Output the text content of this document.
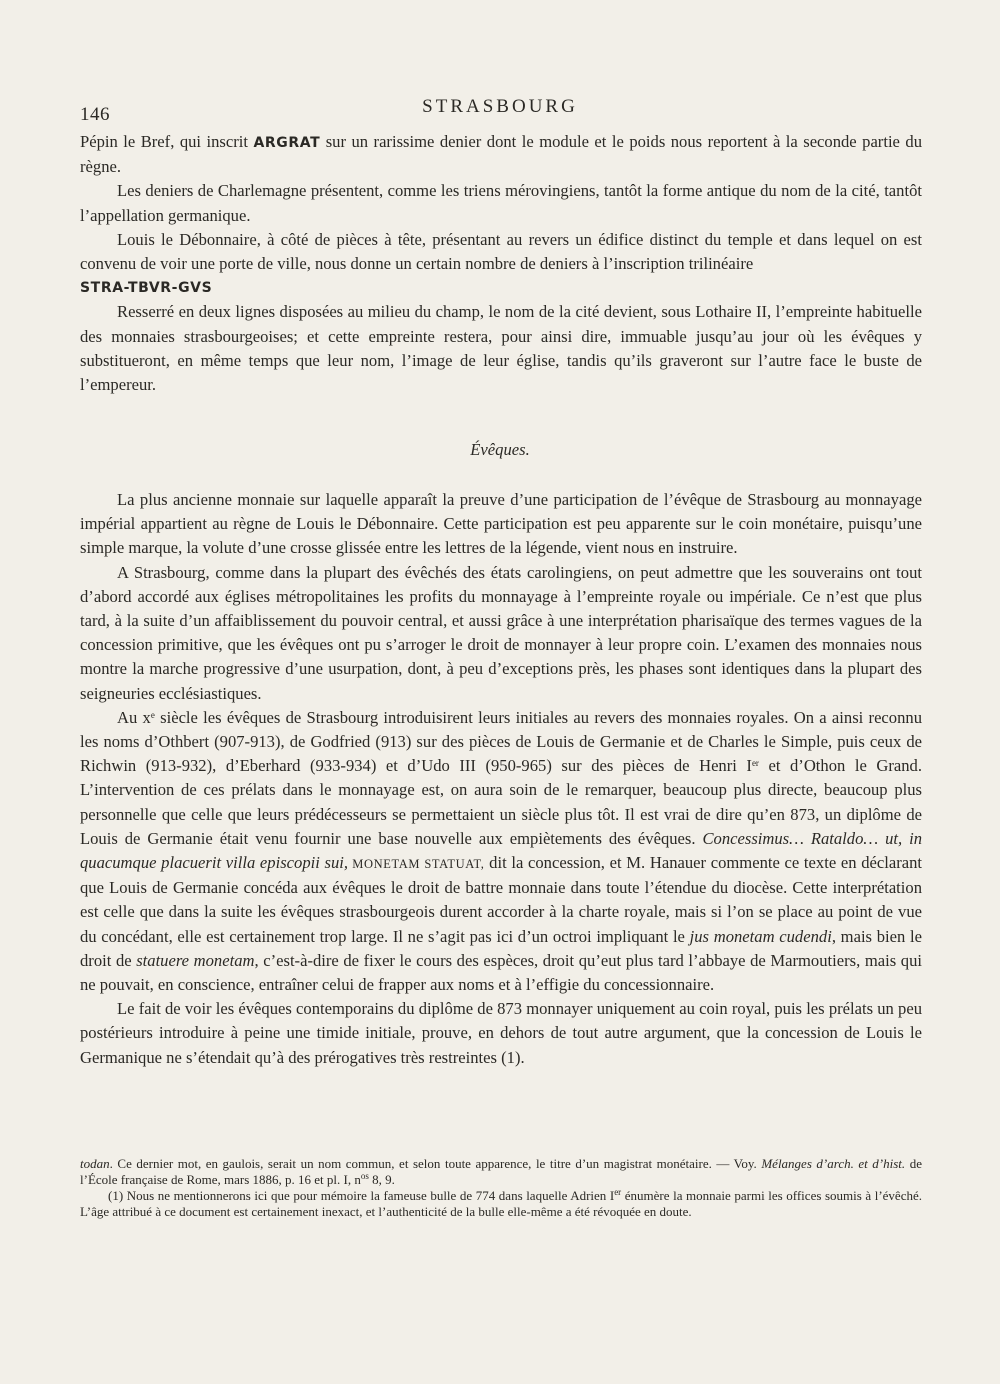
146	STRASBOURG

Pépin le Bref, qui inscrit ARGRAT sur un rarissime denier dont le module et le poids nous reportent à la seconde partie du règne.

Les deniers de Charlemagne présentent, comme les triens mérovingiens, tantôt la forme antique du nom de la cité, tantôt l’appellation germanique.

Louis le Débonnaire, à côté de pièces à tête, présentant au revers un édifice distinct du temple et dans lequel on est convenu de voir une porte de ville, nous donne un certain nombre de deniers à l’inscription trilinéaire

STRA-TBVR-GVS

Resserré en deux lignes disposées au milieu du champ, le nom de la cité devient, sous Lothaire II, l’empreinte habituelle des monnaies strasbourgeoises; et cette empreinte restera, pour ainsi dire, immuable jusqu’au jour où les évêques y substitueront, en même temps que leur nom, l’image de leur église, tandis qu’ils graveront sur l’autre face le buste de l’empereur.

Évêques.

La plus ancienne monnaie sur laquelle apparaît la preuve d’une participation de l’évêque de Strasbourg au monnayage impérial appartient au règne de Louis le Débonnaire. Cette participation est peu apparente sur le coin monétaire, puisqu’une simple marque, la volute d’une crosse glissée entre les lettres de la légende, vient nous en instruire.

A Strasbourg, comme dans la plupart des évêchés des états carolingiens, on peut admettre que les souverains ont tout d’abord accordé aux églises métropolitaines les profits du monnayage à l’empreinte royale ou impériale. Ce n’est que plus tard, à la suite d’un affaiblissement du pouvoir central, et aussi grâce à une interprétation pharisaïque des termes vagues de la concession primitive, que les évêques ont pu s’arroger le droit de monnayer à leur propre coin. L’examen des monnaies nous montre la marche progressive d’une usurpation, dont, à peu d’exceptions près, les phases sont identiques dans la plupart des seigneuries ecclésiastiques.

Au $x^e$ siècle les évêques de Strasbourg introduisirent leurs initiales au revers des monnaies royales. On a ainsi reconnu les noms d’Othbert (907-913), de Godfried (913) sur des pièces de Louis de Germanie et de Charles le Simple, puis ceux de Richwin (913-932), d’Eberhard (933-934) et d’Udo III (950-965) sur des pièces de Henri Ier et d’Othon le Grand. L’intervention de ces prélats dans le monnayage est, on aura soin de le remarquer, beaucoup plus directe, beaucoup plus personnelle que celle que leurs prédécesseurs se permettaient un siècle plus tôt. Il est vrai de dire qu’en 873, un diplôme de Louis de Germanie était venu fournir une base nouvelle aux empiètements des évêques. Concessimus… Rataldo… ut, in quacumque placuerit villa episcopii sui, MONETAM STATUAT, dit la concession, et M. Hanauer commente ce texte en déclarant que Louis de Germanie concéda aux évêques le droit de battre monnaie dans toute l’étendue du diocèse. Cette interprétation est celle que dans la suite les évêques strasbourgeois durent accorder à la charte royale, mais si l’on se place au point de vue du concédant, elle est certainement trop large. Il ne s’agit pas ici d’un octroi impliquant le jus monetam cudendi, mais bien le droit de statuere monetam, c’est-à-dire de fixer le cours des espèces, droit qu’eut plus tard l’abbaye de Marmoutiers, mais qui ne pouvait, en conscience, entraîner celui de frapper aux noms et à l’effigie du concessionnaire.

Le fait de voir les évêques contemporains du diplôme de 873 monnayer uniquement au coin royal, puis les prélats un peu postérieurs introduire à peine une timide initiale, prouve, en dehors de tout autre argument, que la concession de Louis le Germanique ne s’étendait qu’à des prérogatives très restreintes (1).

todan. Ce dernier mot, en gaulois, serait un nom commun, et selon toute apparence, le titre d’un magistrat monétaire. — Voy. Mélanges d’arch. et d’hist. de l’École française de Rome, mars 1886, p. 16 et pl. I, $n^{os}$ 8, 9.

(1) Nous ne mentionnerons ici que pour mémoire la fameuse bulle de 774 dans laquelle Adrien Ier énumère la monnaie parmi les offices soumis à l’évêché. L’âge attribué à ce document est certainement inexact, et l’authenticité de la bulle elle-même a été révoquée en doute.
